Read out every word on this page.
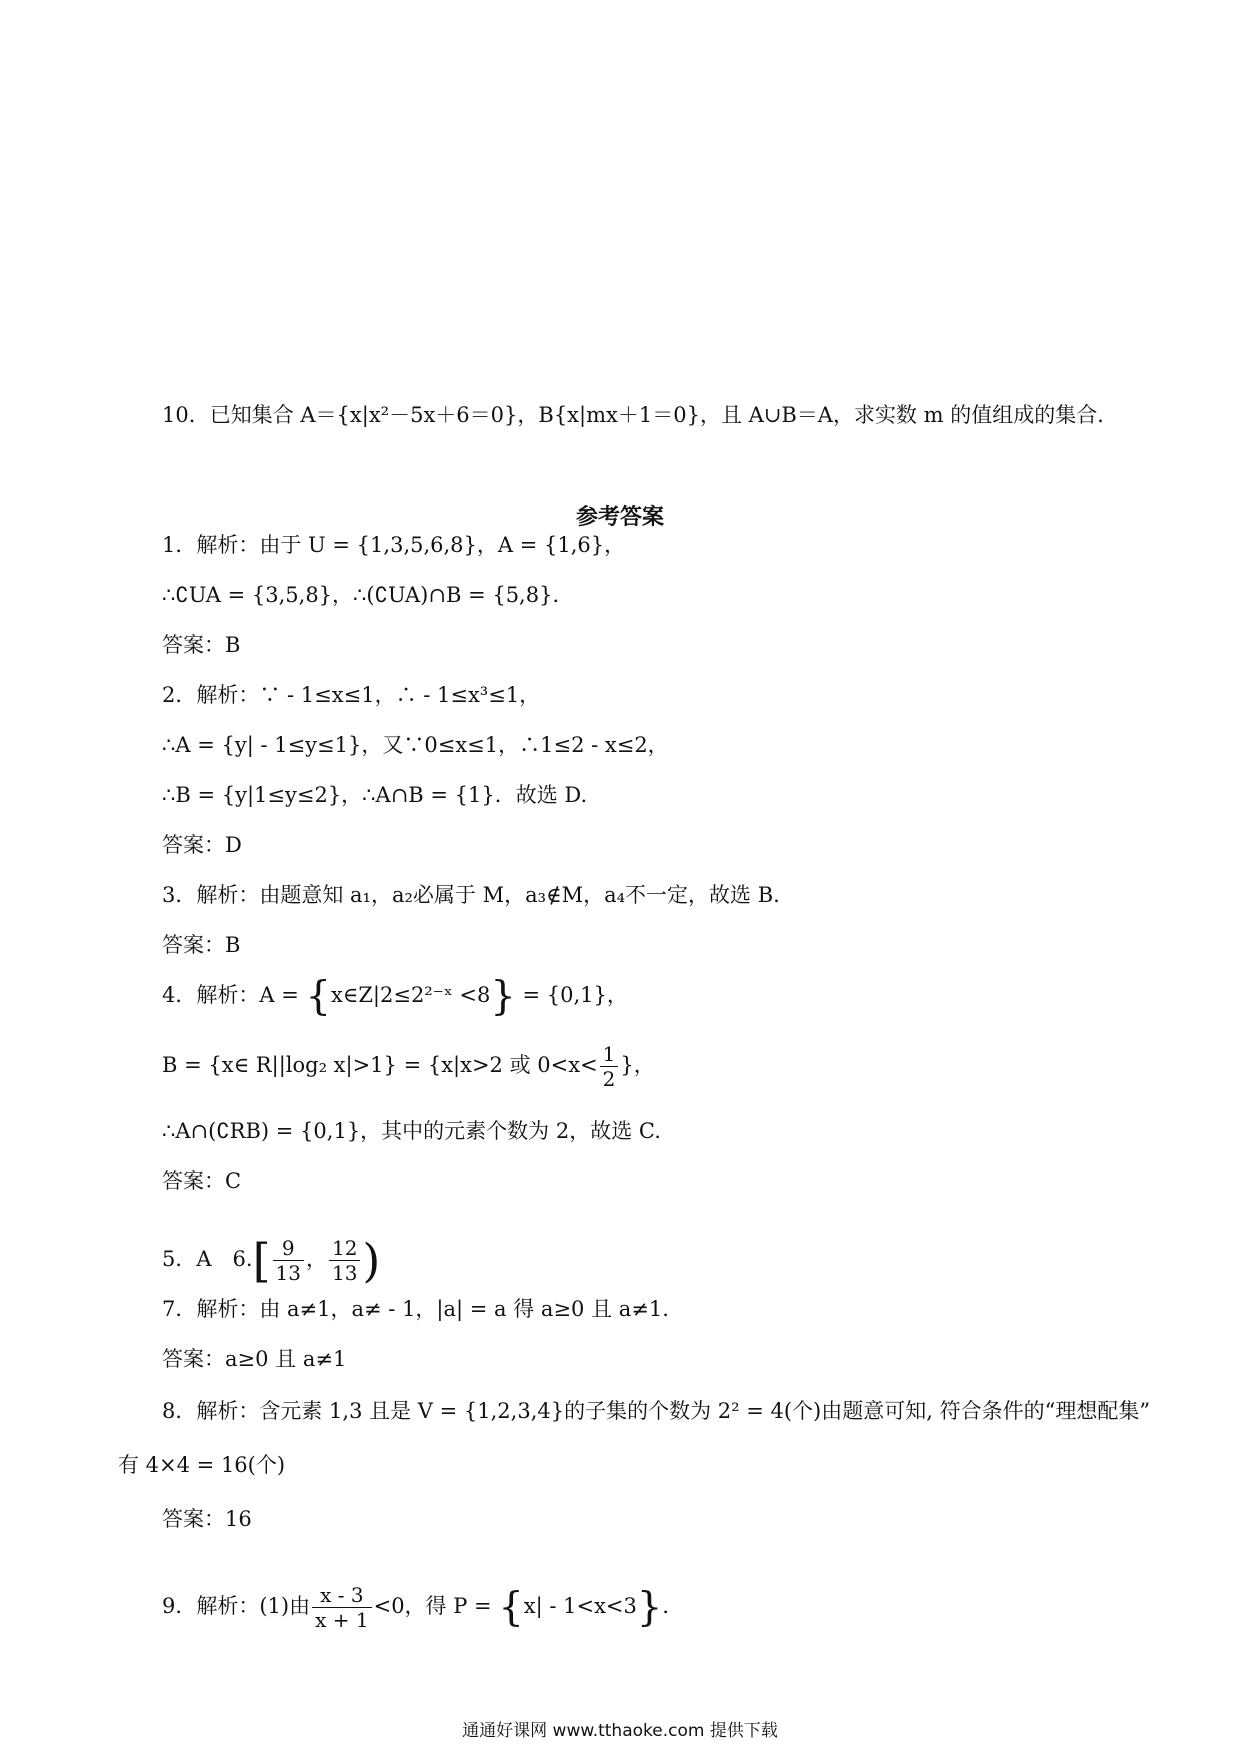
10．已知集合 A＝{x|x²－5x＋6＝0}，B{x|mx＋1＝0}，且 A∪B＝A，求实数 m 的值组成的集合．
参考答案
1．解析：由于 U = {1,3,5,6,8}，A = {1,6}，
∴∁UA = {3,5,8}，∴(∁UA)∩B = {5,8}．
答案：B
2．解析：∵ - 1≤x≤1，∴ - 1≤x³≤1，
∴A = {y| - 1≤y≤1}，又∵0≤x≤1，∴1≤2 - x≤2，
∴B = {y|1≤y≤2}，∴A∩B = {1}．故选 D.
答案：D
3．解析：由题意知 a₁，a₂必属于 M，a₃∉M，a₄不一定，故选 B.
答案：B
4．解析：A = {x∈Z|2≤2²⁻ˣ <8} = {0,1}，
B = {x∈ R||log₂ x|>1} = {x|x>2 或 $0<x< \frac{1}{2}$ }，
∴A∩(∁RB) = {0,1}，其中的元素个数为 2，故选 C.
答案：C
5．A　$6.[ \frac{9}{13}$ ， $\frac{12}{13}$ )
7．解析：由 a≠1，a≠ - 1，|a| = a 得 a≥0 且 a≠1.
答案：a≥0 且 a≠1
8．解析：含元素 1,3 且是 V = {1,2,3,4}的子集的个数为 2² = 4(个)由题意可知, 符合条件的“理想配集”
有 4×4 = 16(个)
答案：16
9．解析：(1)由 $\frac{x - 3}{x + 1} <0$，得 P = {x| - 1<x<3}．
通通好课网 www.tthaoke.com 提供下载
